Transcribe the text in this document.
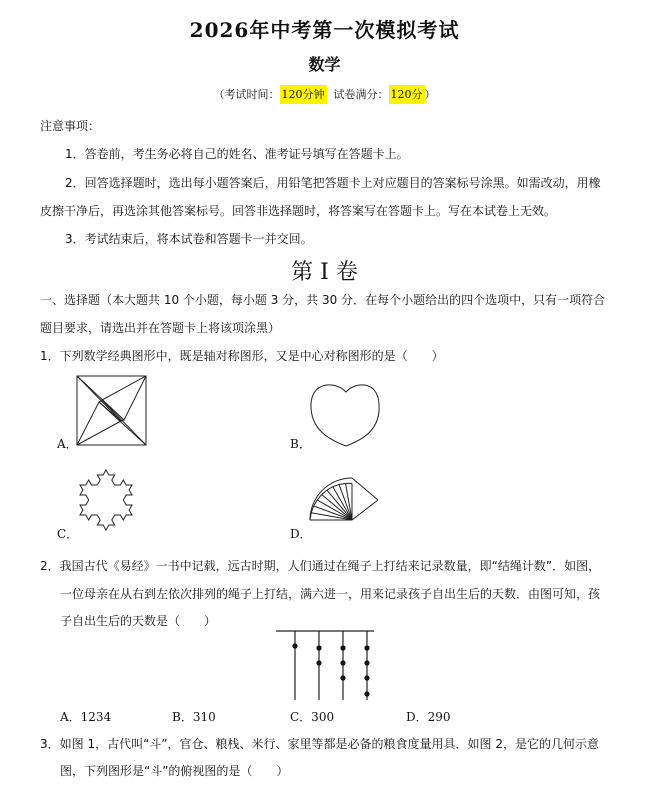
2026年中考第一次模拟考试
数学
（考试时间： 120分钟  试卷满分： 120分 ）
注意事项：
1．答卷前，考生务必将自己的姓名、准考证号填写在答题卡上。
2．回答选择题时，选出每小题答案后，用铅笔把答题卡上对应题目的答案标号涂黑。如需改动，用橡
皮擦干净后，再选涂其他答案标号。回答非选择题时，将答案写在答题卡上。写在本试卷上无效。
3．考试结束后，将本试卷和答题卡一并交回。
第 I 卷
一、选择题（本大题共 10 个小题，每小题 3 分，共 30 分．在每个小题给出的四个选项中，只有一项符合
题目要求，请选出并在答题卡上将该项涂黑）
1．下列数学经典图形中，既是轴对称图形，又是中心对称图形的是（　　）
A．	B．
C．	D．
2．我国古代《易经》一书中记载，远古时期，人们通过在绳子上打结来记录数量，即“结绳计数”．如图，
一位母亲在从右到左依次排列的绳子上打结，满六进一，用来记录孩子自出生后的天数．由图可知，孩
子自出生后的天数是（　　）
A．1234	B．310	C．300	D．290
3．如图 1，古代叫“斗”，官仓、粮栈、米行、家里等都是必备的粮食度量用具．如图 2，是它的几何示意
图，下列图形是“斗”的俯视图的是（　　）
